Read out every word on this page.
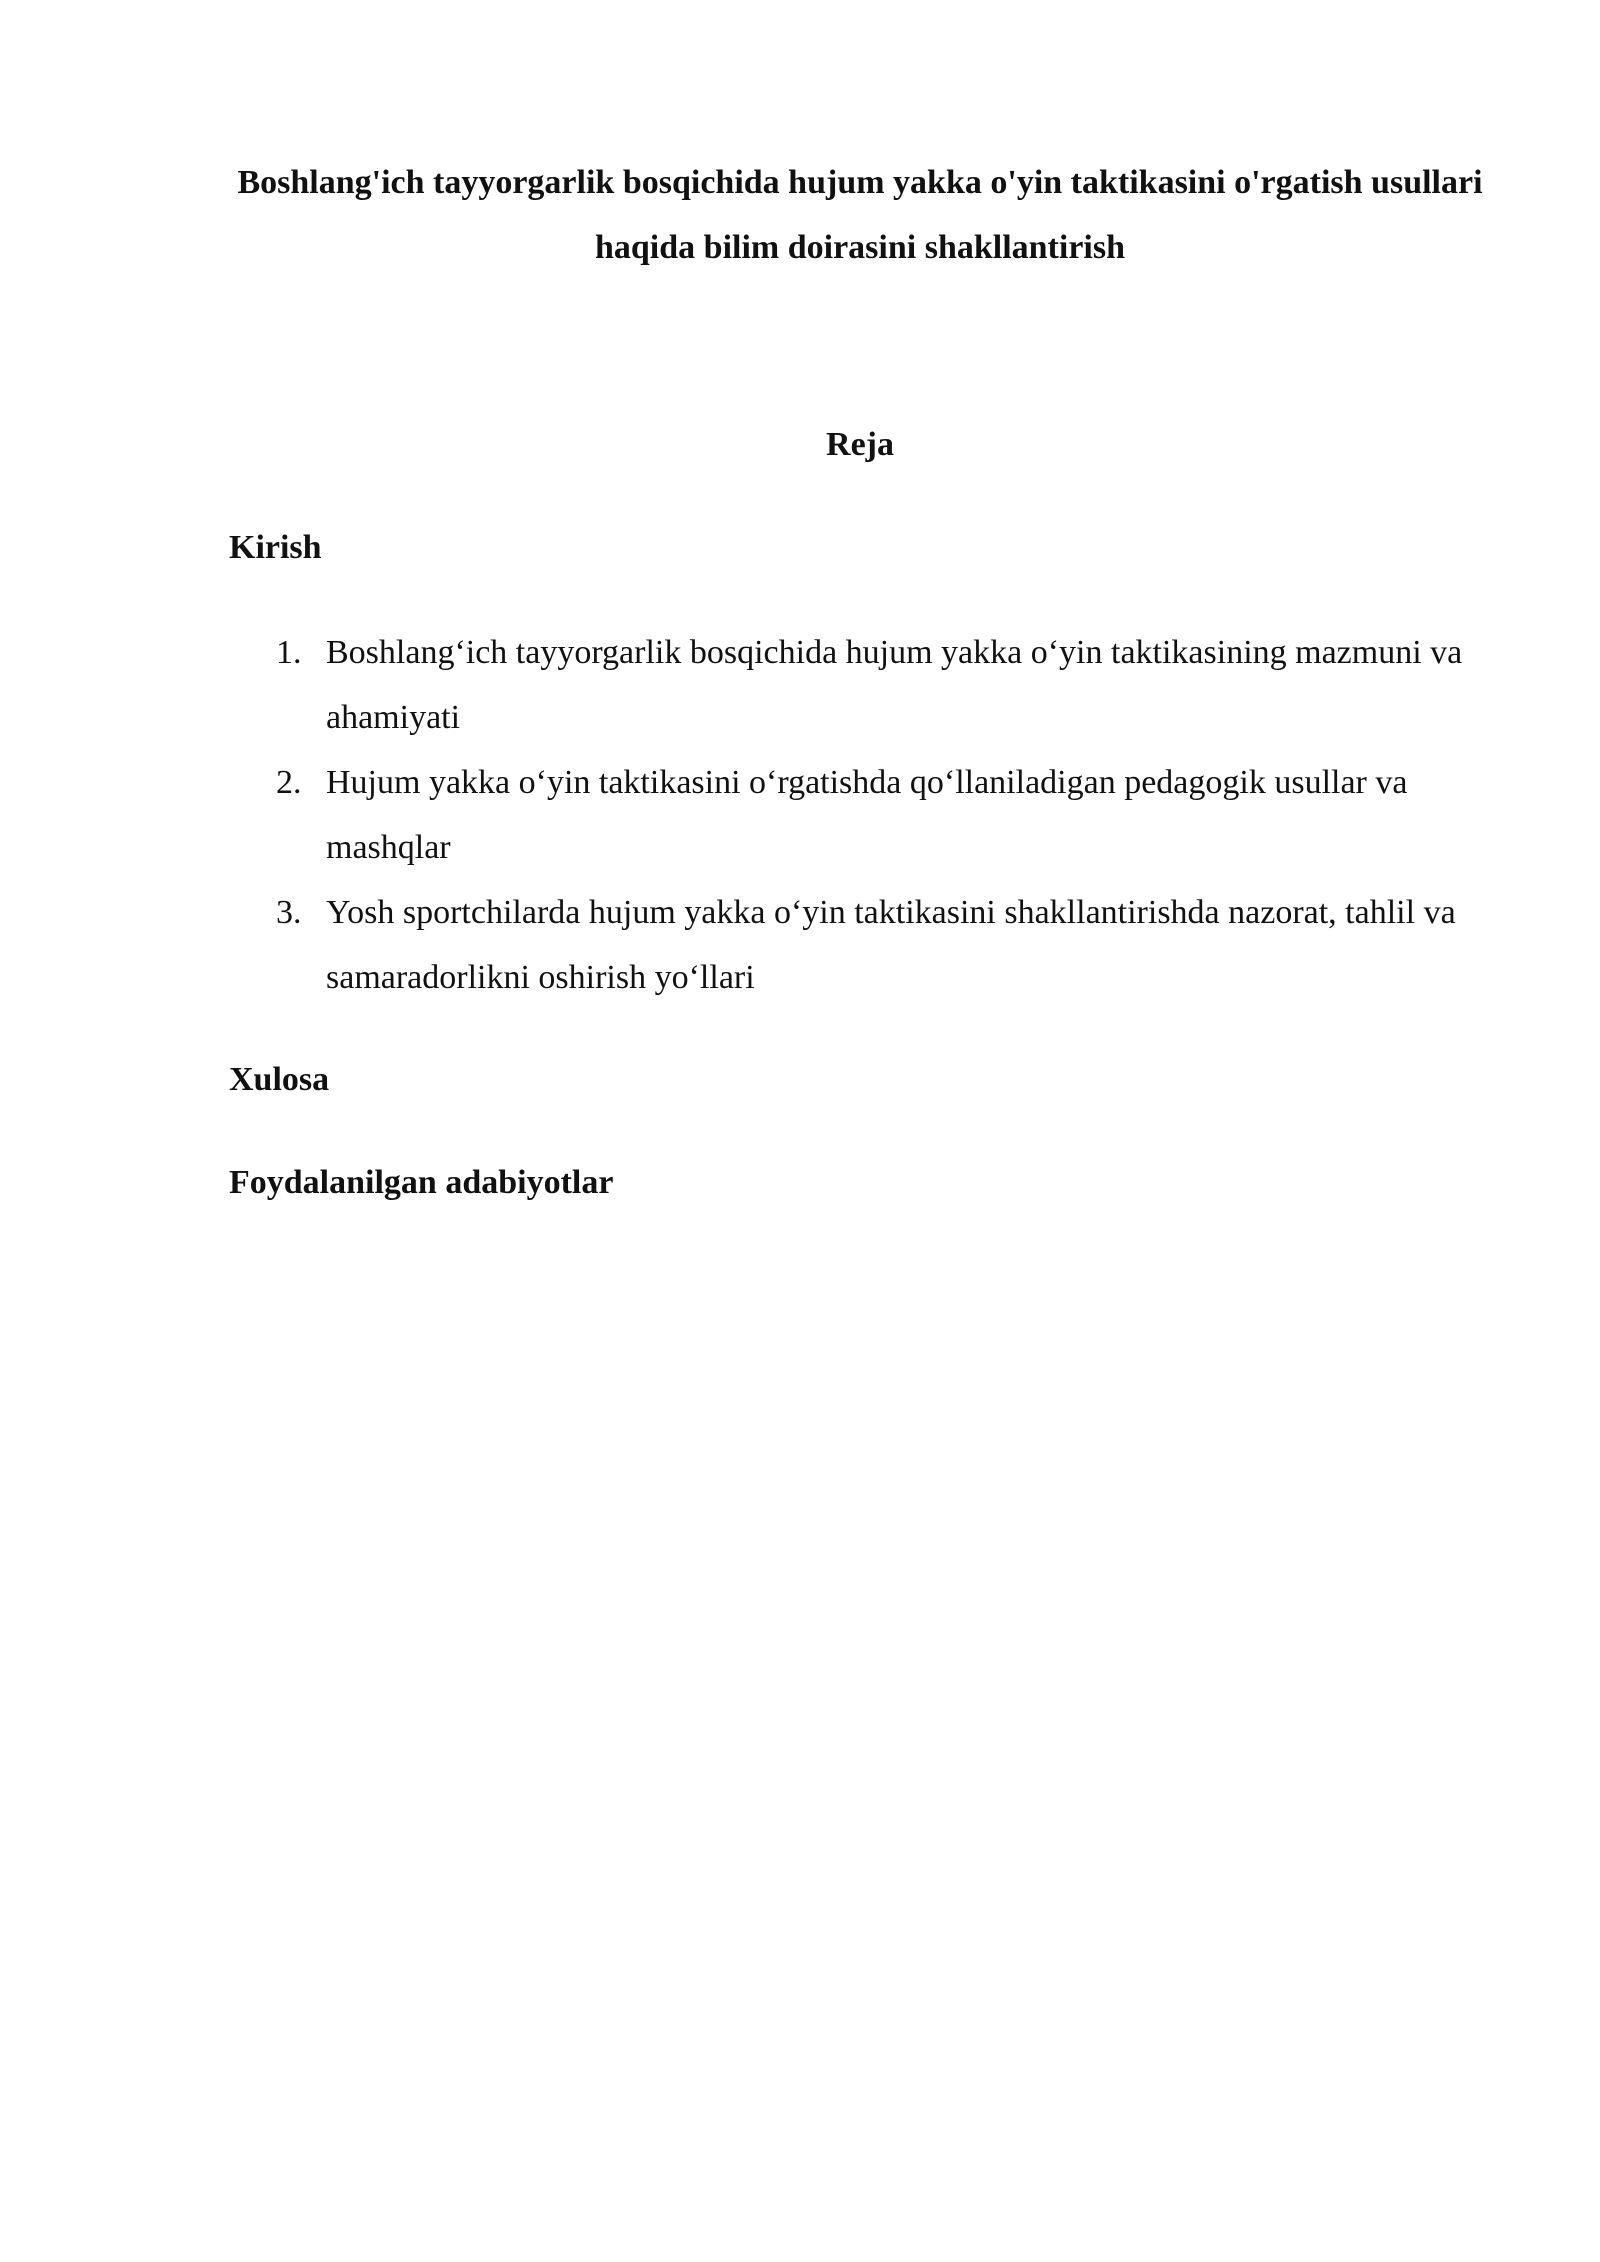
Boshlang'ich tayyorgarlik bosqichida hujum yakka o'yin taktikasini o'rgatish usullari haqida bilim doirasini shakllantirish
Reja
Kirish
1. Boshlang‘ich tayyorgarlik bosqichida hujum yakka o‘yin taktikasining mazmuni va ahamiyati
2. Hujum yakka o‘yin taktikasini o‘rgatishda qo‘llaniladigan pedagogik usullar va mashqlar
3. Yosh sportchilarda hujum yakka o‘yin taktikasini shakllantirishda nazorat, tahlil va samaradorlikni oshirish yo‘llari
Xulosa
Foydalanilgan adabiyotlar
